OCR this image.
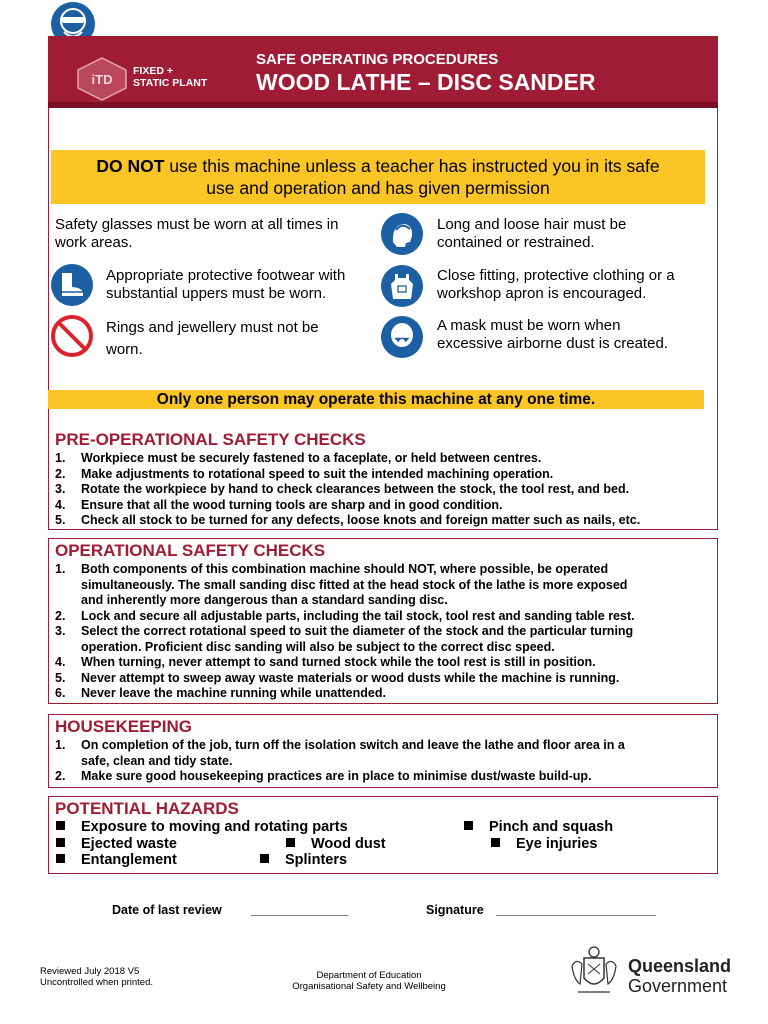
iTD
FIXED +
STATIC PLANT
SAFE OPERATING PROCEDURES
WOOD LATHE – DISC SANDER
DO NOT use this machine unless a teacher has instructed you in its safe
use and operation and has given permission
Safety glasses must be worn at all times in
work areas.
Long and loose hair must be
contained or restrained.
Appropriate protective footwear with
substantial uppers must be worn.
Close fitting, protective clothing or a
workshop apron is encouraged.
Rings and jewellery must not be
worn.
A mask must be worn when
excessive airborne dust is created.
Only one person may operate this machine at any one time.
PRE-OPERATIONAL SAFETY CHECKS
1. Workpiece must be securely fastened to a faceplate, or held between centres.
2. Make adjustments to rotational speed to suit the intended machining operation.
3. Rotate the workpiece by hand to check clearances between the stock, the tool rest, and bed.
4. Ensure that all the wood turning tools are sharp and in good condition.
5. Check all stock to be turned for any defects, loose knots and foreign matter such as nails, etc.
OPERATIONAL SAFETY CHECKS
1. Both components of this combination machine should NOT, where possible, be operated
simultaneously. The small sanding disc fitted at the head stock of the lathe is more exposed
and inherently more dangerous than a standard sanding disc.
2. Lock and secure all adjustable parts, including the tail stock, tool rest and sanding table rest.
3. Select the correct rotational speed to suit the diameter of the stock and the particular turning
operation. Proficient disc sanding will also be subject to the correct disc speed.
4. When turning, never attempt to sand turned stock while the tool rest is still in position.
5. Never attempt to sweep away waste materials or wood dusts while the machine is running.
6. Never leave the machine running while unattended.
HOUSEKEEPING
1. On completion of the job, turn off the isolation switch and leave the lathe and floor area in a
safe, clean and tidy state.
2. Make sure good housekeeping practices are in place to minimise dust/waste build-up.
POTENTIAL HAZARDS
Exposure to moving and rotating parts	Pinch and squash
Ejected waste	Wood dust	Eye injuries
Entanglement	Splinters
Date of last review ______________	Signature _______________________
Reviewed July 2018 V5
Uncontrolled when printed.
Department of Education
Organisational Safety and Wellbeing
Queensland
Government
